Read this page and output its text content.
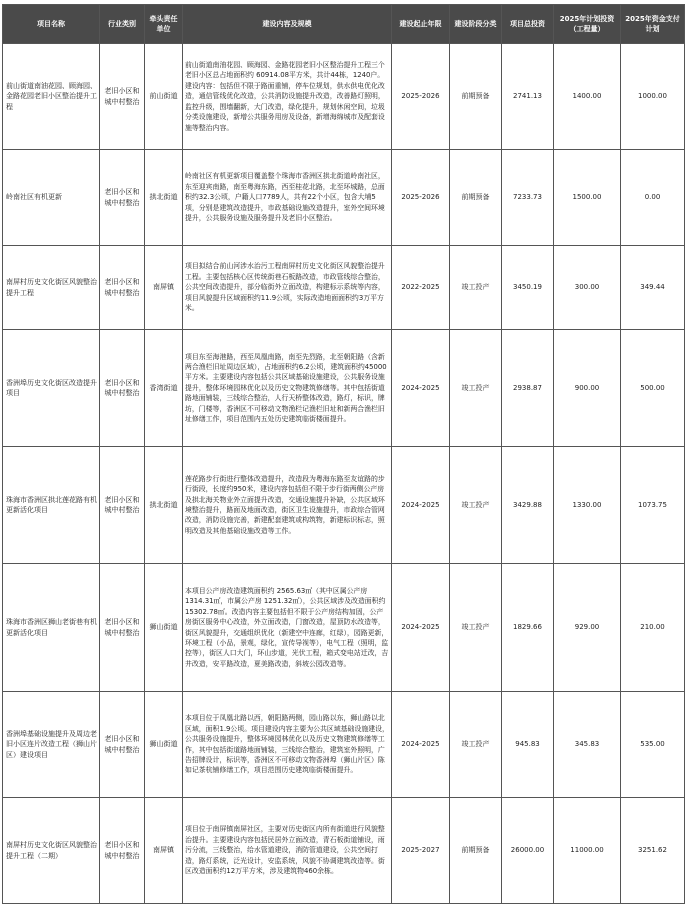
项目名称	行业类别	牵头责任单位	建设内容及规模	建设起止年限	建设阶段分类	项目总投资	2025年计划投资（工程量）	2025年资金支付计划
前山街道南油花园、顾海园、金路花园老旧小区整治提升工程	老旧小区和城中村整治	前山街道	前山街道南油花园、顾海园、金路花园老旧小区整治提升工程三个老旧小区总占地面积约 60914.08平方米，共计44栋，1240户。建设内容：包括但不限于路面重铺，停车位规划，供水供电优化改造，通信管线优化改造，公共消防设施提升改造，改善路灯照明，监控升级，围墙翻新，大门改造，绿化提升，规划休闲空间，垃圾分类设施建设，新增公共服务用房及设备，新增海绵城市及配套设施等整治内容。	2025-2026	前期预备	2741.13	1400.00	1000.00
岭南社区有机更新	老旧小区和城中村整治	拱北街道	岭南社区有机更新项目覆盖整个珠海市香洲区拱北街道岭南社区，东至迎宾南路，南至粤海东路，西至桂花北路，北至环城路，总面积约32.3公顷，户籍人口7789人，共有22个小区，包含大埔5项，分别是建筑改造提升，市政基础设施改造提升，室外空间环境提升，公共服务设施及服务提升及老旧小区整治。	2025-2026	前期预备	7233.73	1500.00	0.00
南屏村历史文化街区风貌整治提升工程	老旧小区和城中村整治	南屏镇	项目拟结合前山河涉水治污工程南屏村历史文化街区风貌整治提升工程。主要包括核心区传统街巷石板路改造，市政管线综合整治，公共空间改造提升，部分临街外立面改造，构建标示系统等内容，项目风貌提升区域面积约11.9公顷，实际改造地面面积约3万平方米。	2022-2025	竣工投产	3450.19	300.00	349.44
香洲埠历史文化街区改造提升项目	老旧小区和城中村整治	香湾街道	项目东至海港路，西至凤凰南路，南至先烈路，北至朝阳路（含新两合渔栏旧址周边区域），占地面积约6.2公顷，建筑面积约45000平方米。主要建设内容包括公共区域基础设施建设，公共服务设施提升，整体环境园林优化以及历史文物建筑修缮等。其中包括街道路地面铺装，三线综合整治，人行天桥整体改造，路灯，标识，牌坊，门楼等，香洲区不可移动文物渔栏记渔栏旧址和新两合渔栏旧址修缮工作，项目范围内五处历史建筑临街楼面提升。	2024-2025	竣工投产	2938.87	900.00	500.00
珠海市香洲区拱北莲花路有机更新活化项目	老旧小区和城中村整治	拱北街道	莲花路步行街进行整体改造提升，改造段为粤海东路至友谊路的步行街段，长度约950米，建设内容包括但不限于步行街两侧公产房及拱北海关物业外立面提升改造，交通设施提升补缺，公共区域环境整治提升，路面及地面改造，街区卫生设施提升，市政综合管网改造，消防设施完善，新建配套建筑或构筑物，新建标识标志，照明改造及其他基础设施改造等工作。	2024-2025	竣工投产	3429.88	1330.00	1073.75
珠海市香洲区狮山老街巷有机更新活化项目	老旧小区和城中村整治	狮山街道	本项目公产房改造建筑面积约 2565.63㎡（其中区属公产房1314.31㎡，市属公产房 1251.32㎡），公共区域涉及改造面积约15302.78㎡。改造内容主要包括但不限于公产房结构加固，公产房街区服务中心改造，外立面改造，门窗改造，屋顶防水改造等，街区风貌提升，交通组织优化（新建空中连廊，红绿），园路更新，环境工程（小品，景观，绿化，宣传导视等），电气工程（照明，监控等），街区人口大门，环山步道，光伏工程，箱式变电站迁改，吉井改造，安平路改造，夏美路改造，斜坡公园改造等。	2024-2025	竣工投产	1829.66	929.00	210.00
香洲埠基础设施提升及周边老旧小区连片改造工程（狮山片区）建设项目	老旧小区和城中村整治	狮山街道	本项目位于凤凰北路以西，朝阳路两侧，园山路以东，狮山路以北区域，面积1.9公顷。项目建设内容主要为公共区域基础设施建设，公共服务设施提升，整体环境园林优化以及历史文物建筑修缮等工作，其中包括街道路地面铺装，三线综合整治，建筑室外照明，广告招牌设计，标识等，香洲区不可移动文物香洲埠（狮山片区）陈如记茶杭铺修缮工作，项目范围历史建筑临街楼面提升。	2024-2025	竣工投产	945.83	345.83	535.00
南屏村历史文化街区风貌整治提升工程（二期）	老旧小区和城中村整治	南屏镇	项目位于南屏镇南屏社区，主要对历史街区内所有街道进行风貌整治提升。主要建设内容包括民居外立面改造，青石板街道铺设，雨污分流，三线整治，给水管道建设，消防管道建设，公共空间打造，路灯系统，泛光设计，安监系统，风貌不协调建筑改造等。街区改造面积约12万平方米，涉及建筑物460余栋。	2025-2027	前期预备	26000.00	11000.00	3251.62
